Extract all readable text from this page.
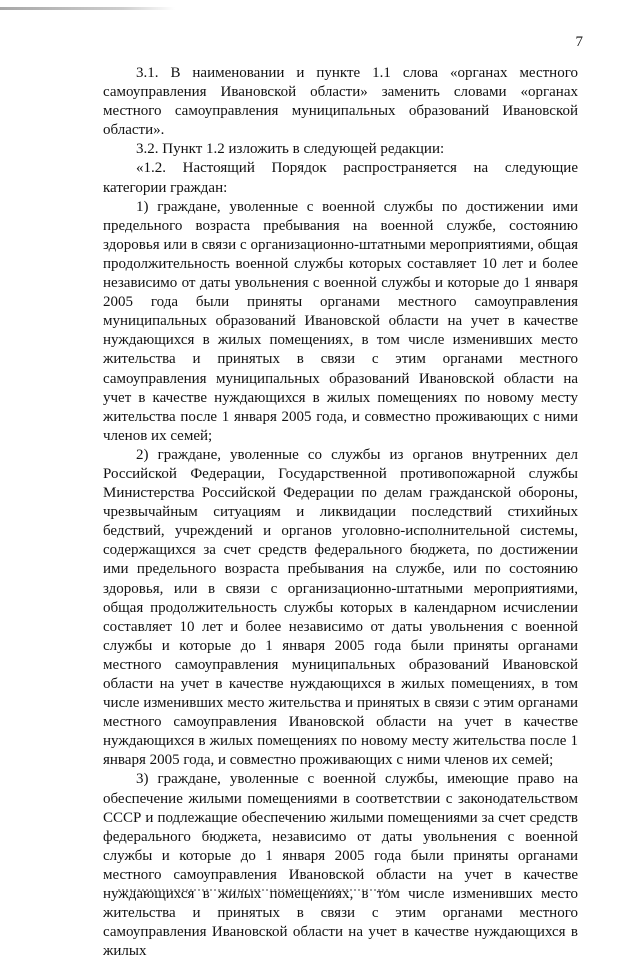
7

3.1. В наименовании и пункте 1.1 слова «органах местного самоуправления Ивановской области» заменить словами «органах местного самоуправления муниципальных образований Ивановской области».

3.2. Пункт 1.2 изложить в следующей редакции:

«1.2. Настоящий Порядок распространяется на следующие категории граждан:

1) граждане, уволенные с военной службы по достижении ими предельного возраста пребывания на военной службе, состоянию здоровья или в связи с организационно-штатными мероприятиями, общая продолжительность военной службы которых составляет 10 лет и более независимо от даты увольнения с военной службы и которые до 1 января 2005 года были приняты органами местного самоуправления муниципальных образований Ивановской области на учет в качестве нуждающихся в жилых помещениях, в том числе изменивших место жительства и принятых в связи с этим органами местного самоуправления муниципальных образований Ивановской области на учет в качестве нуждающихся в жилых помещениях по новому месту жительства после 1 января 2005 года, и совместно проживающих с ними членов их семей;

2) граждане, уволенные со службы из органов внутренних дел Российской Федерации, Государственной противопожарной службы Министерства Российской Федерации по делам гражданской обороны, чрезвычайным ситуациям и ликвидации последствий стихийных бедствий, учреждений и органов уголовно-исполнительной системы, содержащихся за счет средств федерального бюджета, по достижении ими предельного возраста пребывания на службе, или по состоянию здоровья, или в связи с организационно-штатными мероприятиями, общая продолжительность службы которых в календарном исчислении составляет 10 лет и более независимо от даты увольнения с военной службы и которые до 1 января 2005 года были приняты органами местного самоуправления муниципальных образований Ивановской области на учет в качестве нуждающихся в жилых помещениях, в том числе изменивших место жительства и принятых в связи с этим органами местного самоуправления Ивановской области на учет в качестве нуждающихся в жилых помещениях по новому месту жительства после 1 января 2005 года, и совместно проживающих с ними членов их семей;

3) граждане, уволенные с военной службы, имеющие право на обеспечение жилыми помещениями в соответствии с законодательством СССР и подлежащие обеспечению жилыми помещениями за счет средств федерального бюджета, независимо от даты увольнения с военной службы и которые до 1 января 2005 года были приняты органами местного самоуправления Ивановской области на учет в качестве нуждающихся в жилых помещениях, в том числе изменивших место жительства и принятых в связи с этим органами местного самоуправления Ивановской области на учет в качестве нуждающихся в жилых
